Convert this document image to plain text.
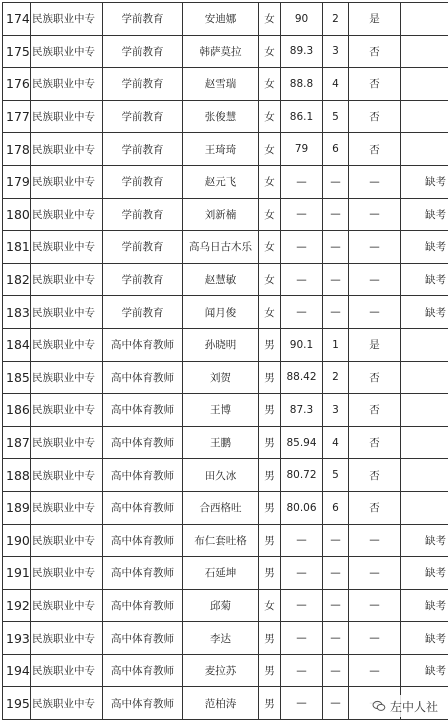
174	民族职业中专	学前教育	安迪娜	女	90	2	是	
175	民族职业中专	学前教育	韩萨莫拉	女	89.3	3	否	
176	民族职业中专	学前教育	赵雪瑞	女	88.8	4	否	
177	民族职业中专	学前教育	张俊慧	女	86.1	5	否	
178	民族职业中专	学前教育	王琦琦	女	79	6	否	
179	民族职业中专	学前教育	赵元飞	女	—	—	—	缺考
180	民族职业中专	学前教育	刘新楠	女	—	—	—	缺考
181	民族职业中专	学前教育	高乌日古木乐	女	—	—	—	缺考
182	民族职业中专	学前教育	赵慧敏	女	—	—	—	缺考
183	民族职业中专	学前教育	闻月俊	女	—	—	—	缺考
184	民族职业中专	高中体育教师	孙晓明	男	90.1	1	是	
185	民族职业中专	高中体育教师	刘贺	男	88.42	2	否	
186	民族职业中专	高中体育教师	王博	男	87.3	3	否	
187	民族职业中专	高中体育教师	王鹏	男	85.94	4	否	
188	民族职业中专	高中体育教师	田久冰	男	80.72	5	否	
189	民族职业中专	高中体育教师	合西格吐	男	80.06	6	否	
190	民族职业中专	高中体育教师	布仁套吐格	男	—	—	—	缺考
191	民族职业中专	高中体育教师	石延坤	男	—	—	—	缺考
192	民族职业中专	高中体育教师	邱菊	女	—	—	—	缺考
193	民族职业中专	高中体育教师	李达	男	—	—	—	缺考
194	民族职业中专	高中体育教师	麦拉苏	男	—	—	—	缺考
195	民族职业中专	高中体育教师	范柏涛	男	—	—			左中人社
